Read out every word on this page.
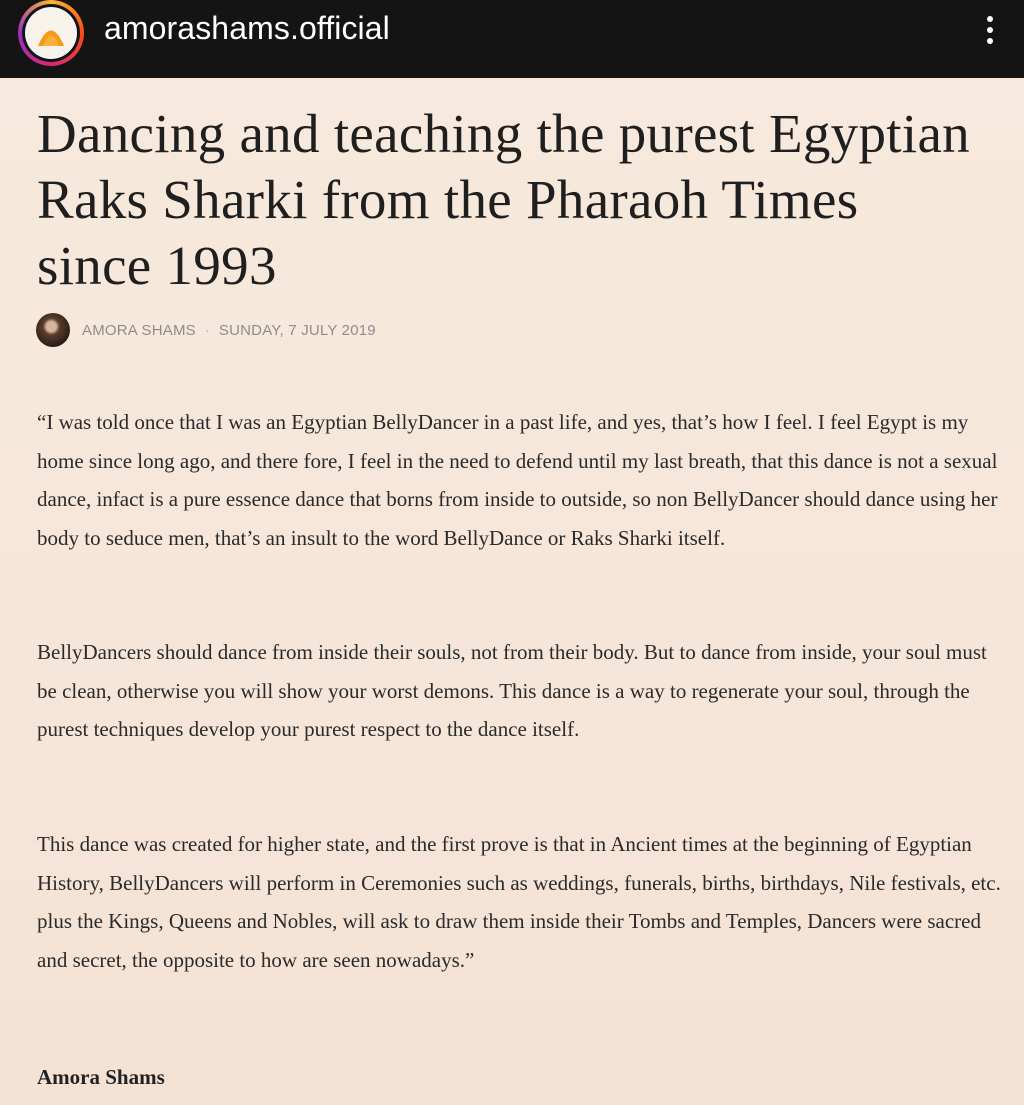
amorashams.official
Dancing and teaching the purest Egyptian Raks Sharki from the Pharaoh Times since 1993
AMORA SHAMS · SUNDAY, 7 JULY 2019

“I was told once that I was an Egyptian BellyDancer in a past life, and yes, that’s how I feel. I feel Egypt is my home since long ago, and there fore, I feel in the need to defend until my last breath, that this dance is not a sexual dance, infact is a pure essence dance that borns from inside to outside, so non BellyDancer should dance using her body to seduce men, that’s an insult to the word BellyDance or Raks Sharki itself.

BellyDancers should dance from inside their souls, not from their body. But to dance from inside, your soul must be clean, otherwise you will show your worst demons. This dance is a way to regenerate your soul, through the purest techniques develop your purest respect to the dance itself.

This dance was created for higher state, and the first prove is that in Ancient times at the beginning of Egyptian History, BellyDancers will perform in Ceremonies such as weddings, funerals, births, birthdays, Nile festivals, etc. plus the Kings, Queens and Nobles, will ask to draw them inside their Tombs and Temples, Dancers were sacred and secret, the opposite to how are seen nowadays.”

Amora Shams
